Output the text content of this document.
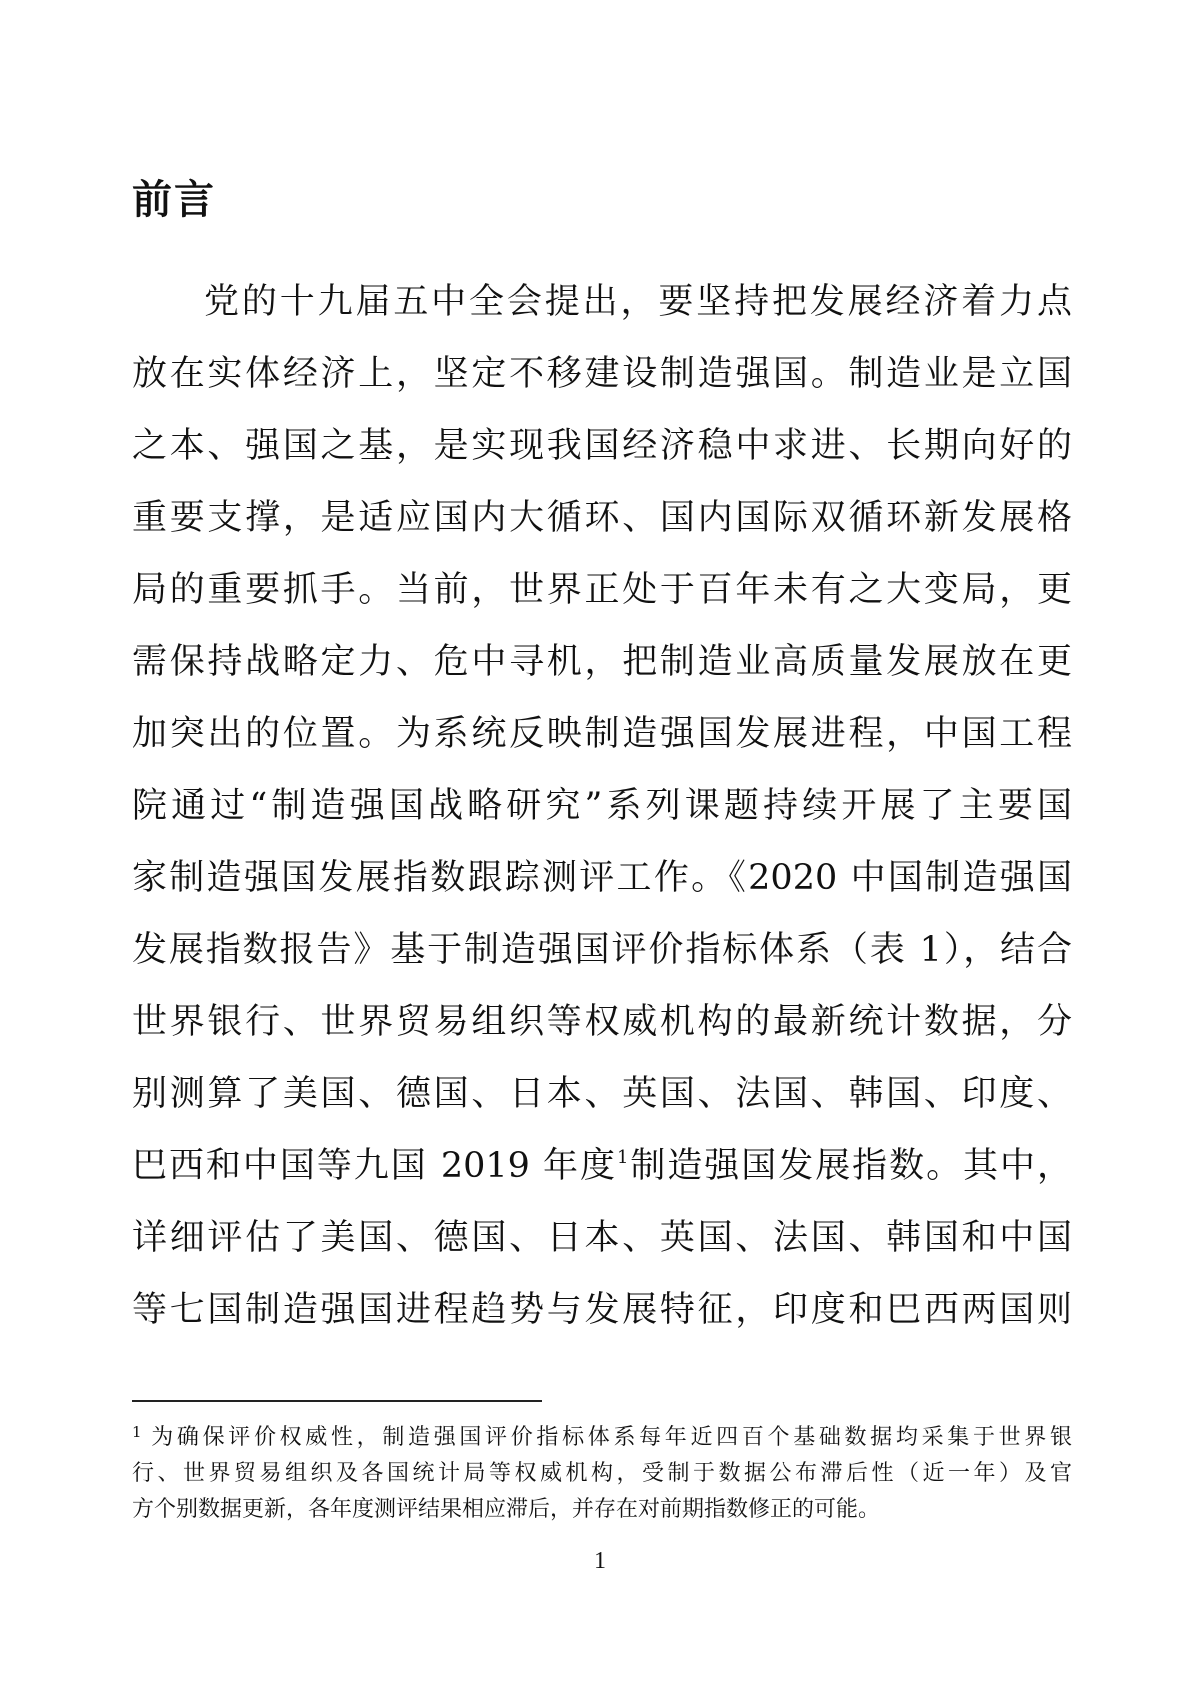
前言
党的十九届五中全会提出，要坚持把发展经济着力点
放在实体经济上，坚定不移建设制造强国。制造业是立国
之本、强国之基，是实现我国经济稳中求进、长期向好的
重要支撑，是适应国内大循环、国内国际双循环新发展格
局的重要抓手。当前，世界正处于百年未有之大变局，更
需保持战略定力、危中寻机，把制造业高质量发展放在更
加突出的位置。为系统反映制造强国发展进程，中国工程
院通过“制造强国战略研究”系列课题持续开展了主要国
家制造强国发展指数跟踪测评工作。《2020 中国制造强国
发展指数报告》基于制造强国评价指标体系（表 1），结合
世界银行、世界贸易组织等权威机构的最新统计数据，分
别测算了美国、德国、日本、英国、法国、韩国、印度、
巴西和中国等九国 2019 年度$^1$制造强国发展指数。其中，
详细评估了美国、德国、日本、英国、法国、韩国和中国
等七国制造强国进程趋势与发展特征，印度和巴西两国则
$^1$ 为确保评价权威性，制造强国评价指标体系每年近四百个基础数据均采集于世界银
行、世界贸易组织及各国统计局等权威机构，受制于数据公布滞后性（近一年）及官
方个别数据更新，各年度测评结果相应滞后，并存在对前期指数修正的可能。
1
